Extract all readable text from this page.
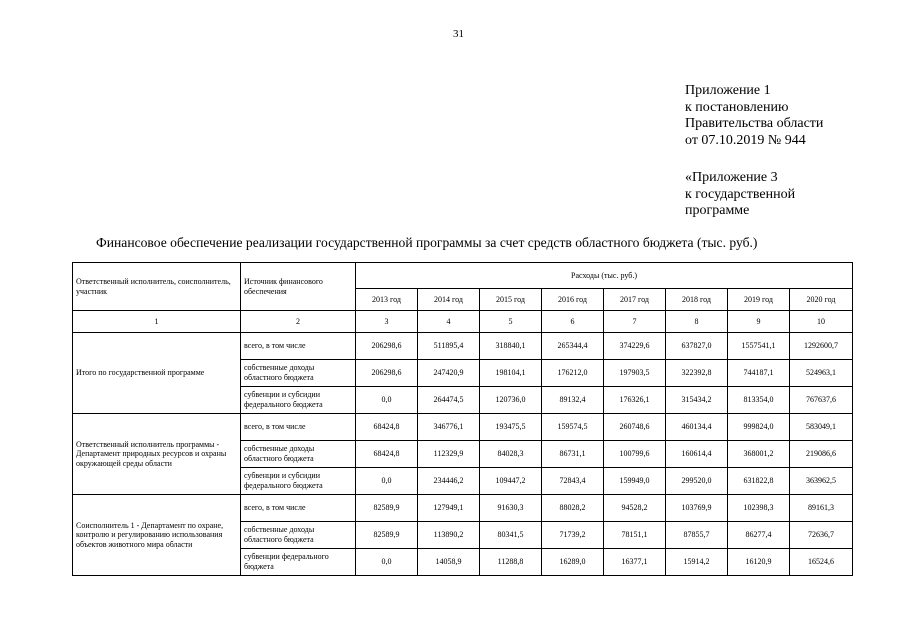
31
Приложение 1
к постановлению
Правительства области
от 07.10.2019 № 944
«Приложение 3
к государственной
программе
Финансовое обеспечение реализации государственной программы за счет средств областного бюджета (тыс. руб.)
Ответственный исполнитель, соисполнитель, участник	Источник финансового обеспечения	Расходы (тыс. руб.)							
		2013 год	2014 год	2015 год	2016 год	2017 год	2018 год	2019 год	2020 год
1	2	3	4	5	6	7	8	9	10
Итого по государственной программе	всего, в том числе	206298,6	511895,4	318840,1	265344,4	374229,6	637827,0	1557541,1	1292600,7
	собственные доходы областного бюджета	206298,6	247420,9	198104,1	176212,0	197903,5	322392,8	744187,1	524963,1
	субвенции и субсидии федерального бюджета	0,0	264474,5	120736,0	89132,4	176326,1	315434,2	813354,0	767637,6
Ответственный исполнитель программы - Департамент природных ресурсов и охраны окружающей среды области	всего, в том числе	68424,8	346776,1	193475,5	159574,5	260748,6	460134,4	999824,0	583049,1
	собственные доходы областного бюджета	68424,8	112329,9	84028,3	86731,1	100799,6	160614,4	368001,2	219086,6
	субвенции и субсидии федерального бюджета	0,0	234446,2	109447,2	72843,4	159949,0	299520,0	631822,8	363962,5
Соисполнитель 1 - Департамент по охране, контролю и регулированию использования объектов животного мира области	всего, в том числе	82589,9	127949,1	91630,3	88028,2	94528,2	103769,9	102398,3	89161,3
	собственные доходы областного бюджета	82589,9	113890,2	80341,5	71739,2	78151,1	87855,7	86277,4	72636,7
	субвенции федерального бюджета	0,0	14058,9	11288,8	16289,0	16377,1	15914,2	16120,9	16524,6
